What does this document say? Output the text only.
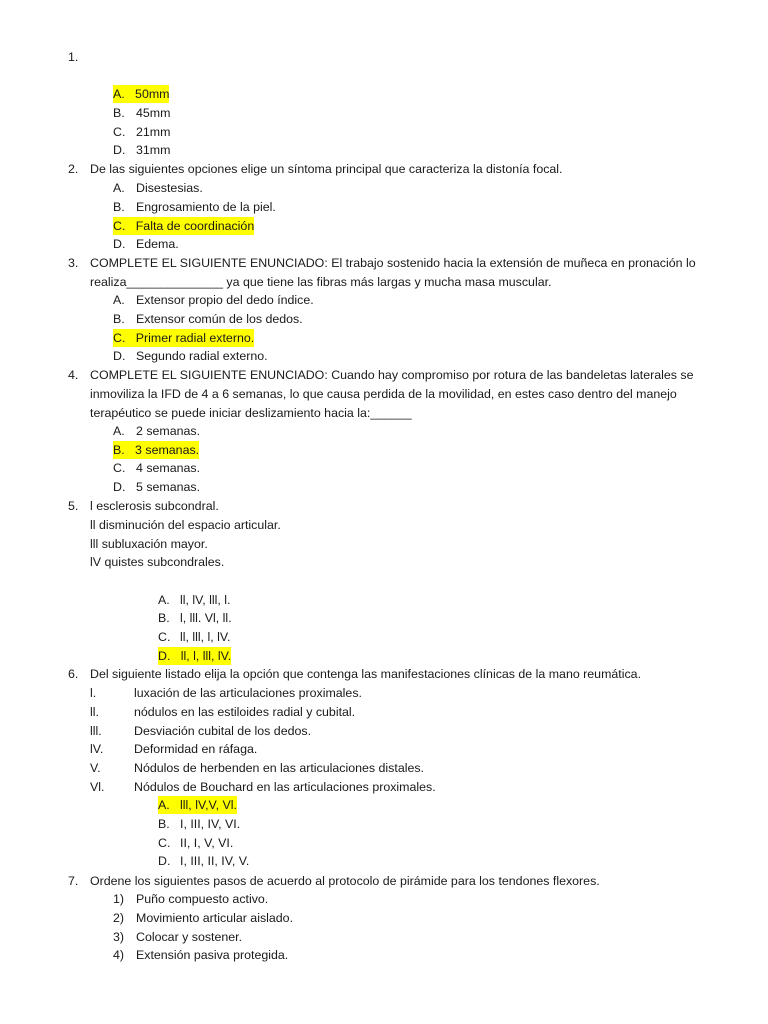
1.
A. 50mm
B. 45mm
C. 21mm
D. 31mm
2. De las siguientes opciones elige un síntoma principal que caracteriza la distonía focal.
A. Disestesias.
B. Engrosamiento de la piel.
C. Falta de coordinación
D. Edema.
3. COMPLETE EL SIGUIENTE ENUNCIADO: El trabajo sostenido hacia la extensión de muñeca en pronación lo
realiza______________ ya que tiene las fibras más largas y mucha masa muscular.
A. Extensor propio del dedo índice.
B. Extensor común de los dedos.
C. Primer radial externo.
D. Segundo radial externo.
4. COMPLETE EL SIGUIENTE ENUNCIADO: Cuando hay compromiso por rotura de las bandeletas laterales se
inmoviliza la IFD de 4 a 6 semanas, lo que causa perdida de la movilidad, en estes caso dentro del manejo
terapéutico se puede iniciar deslizamiento hacia la:______
A. 2 semanas.
B. 3 semanas.
C. 4 semanas.
D. 5 semanas.
5. l esclerosis subcondral.
ll disminución del espacio articular.
lll subluxación mayor.
lV quistes subcondrales.
A. ll, lV, lll, l.
B. l, lll. Vl, ll.
C. ll, lll, l, lV.
D. ll, l, lll, lV.
6. Del siguiente listado elija la opción que contenga las manifestaciones clínicas de la mano reumática.
l.	luxación de las articulaciones proximales.
ll.	nódulos en las estiloides radial y cubital.
lll.	Desviación cubital de los dedos.
lV. Deformidad en ráfaga.
V.	Nódulos de herbenden en las articulaciones distales.
Vl. Nódulos de Bouchard en las articulaciones proximales.
A. lll, lV,V, Vl.
B. I, III, IV, VI.
C. II, I, V, VI.
D. I, III, II, IV, V.
7. Ordene los siguientes pasos de acuerdo al protocolo de pirámide para los tendones flexores.
1) Puño compuesto activo.
2) Movimiento articular aislado.
3) Colocar y sostener.
4) Extensión pasiva protegida.
